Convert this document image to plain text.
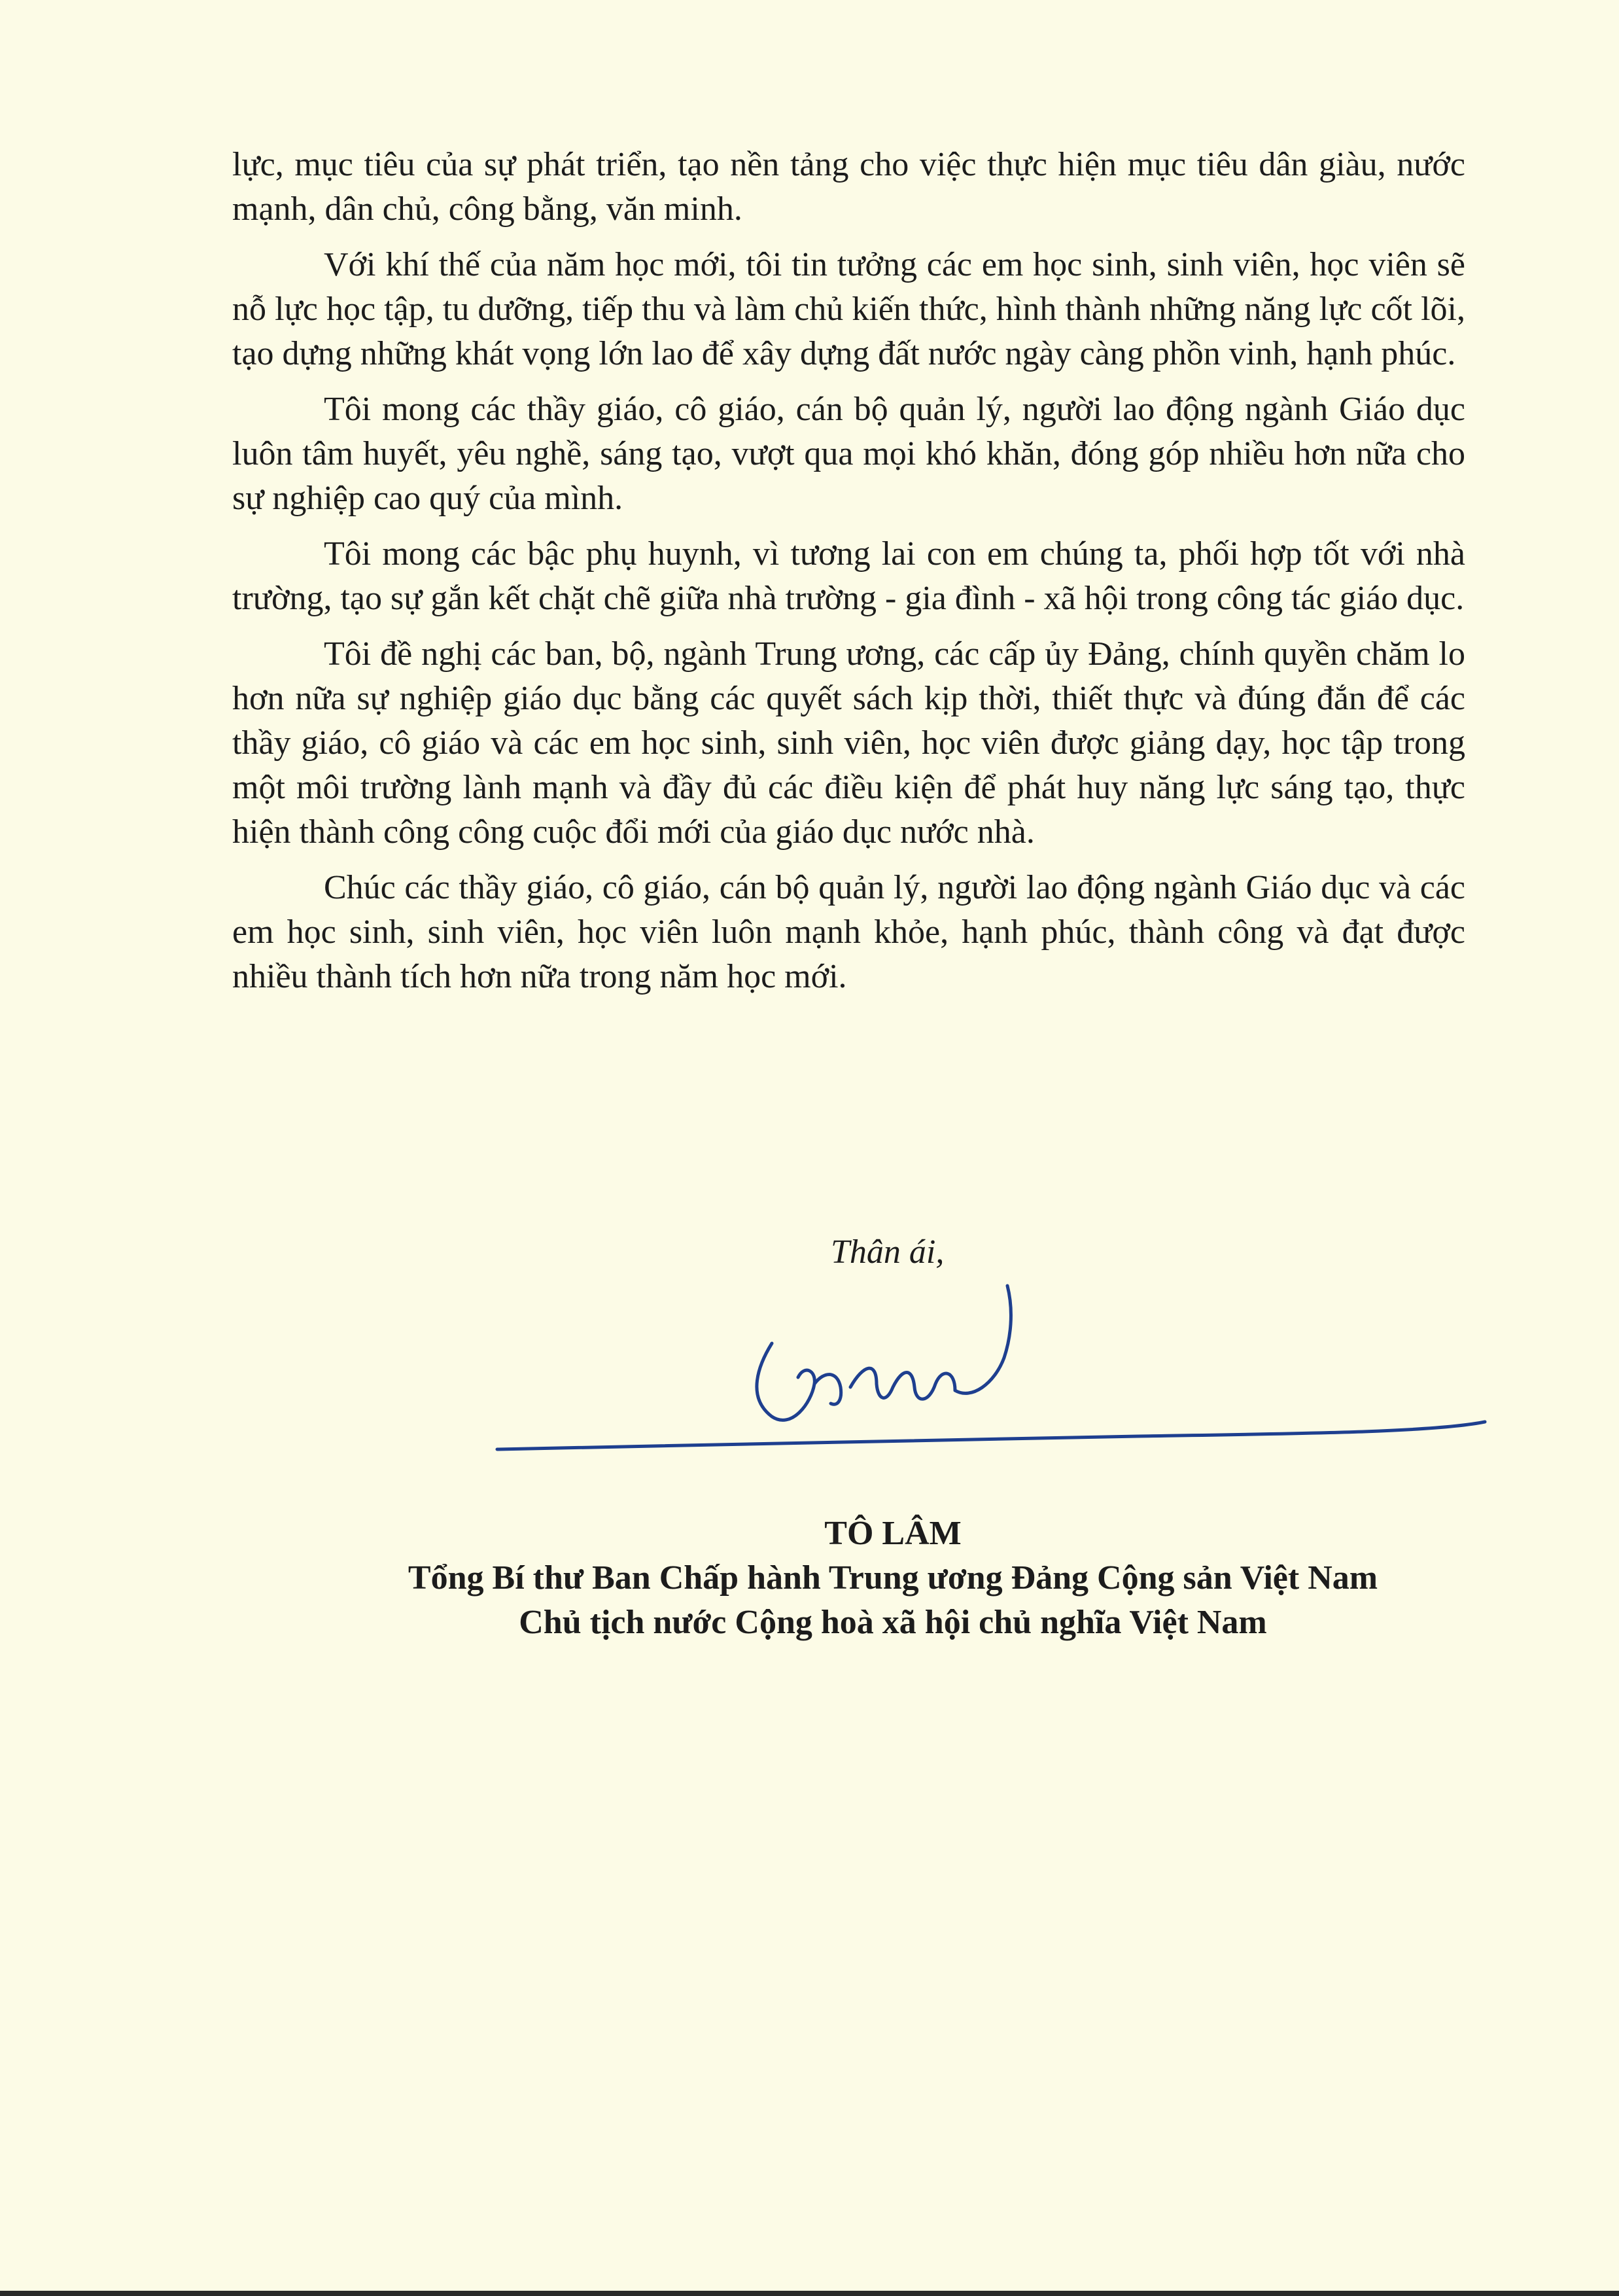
lực, mục tiêu của sự phát triển, tạo nền tảng cho việc thực hiện mục tiêu dân giàu, nước mạnh, dân chủ, công bằng, văn minh.

Với khí thế của năm học mới, tôi tin tưởng các em học sinh, sinh viên, học viên sẽ nỗ lực học tập, tu dưỡng, tiếp thu và làm chủ kiến thức, hình thành những năng lực cốt lõi, tạo dựng những khát vọng lớn lao để xây dựng đất nước ngày càng phồn vinh, hạnh phúc.

Tôi mong các thầy giáo, cô giáo, cán bộ quản lý, người lao động ngành Giáo dục luôn tâm huyết, yêu nghề, sáng tạo, vượt qua mọi khó khăn, đóng góp nhiều hơn nữa cho sự nghiệp cao quý của mình.

Tôi mong các bậc phụ huynh, vì tương lai con em chúng ta, phối hợp tốt với nhà trường, tạo sự gắn kết chặt chẽ giữa nhà trường - gia đình - xã hội trong công tác giáo dục.

Tôi đề nghị các ban, bộ, ngành Trung ương, các cấp ủy Đảng, chính quyền chăm lo hơn nữa sự nghiệp giáo dục bằng các quyết sách kịp thời, thiết thực và đúng đắn để các thầy giáo, cô giáo và các em học sinh, sinh viên, học viên được giảng dạy, học tập trong một môi trường lành mạnh và đầy đủ các điều kiện để phát huy năng lực sáng tạo, thực hiện thành công công cuộc đổi mới của giáo dục nước nhà.

Chúc các thầy giáo, cô giáo, cán bộ quản lý, người lao động ngành Giáo dục và các em học sinh, sinh viên, học viên luôn mạnh khỏe, hạnh phúc, thành công và đạt được nhiều thành tích hơn nữa trong năm học mới.

Thân ái,
TÔ LÂM
Tổng Bí thư Ban Chấp hành Trung ương Đảng Cộng sản Việt Nam
Chủ tịch nước Cộng hoà xã hội chủ nghĩa Việt Nam
